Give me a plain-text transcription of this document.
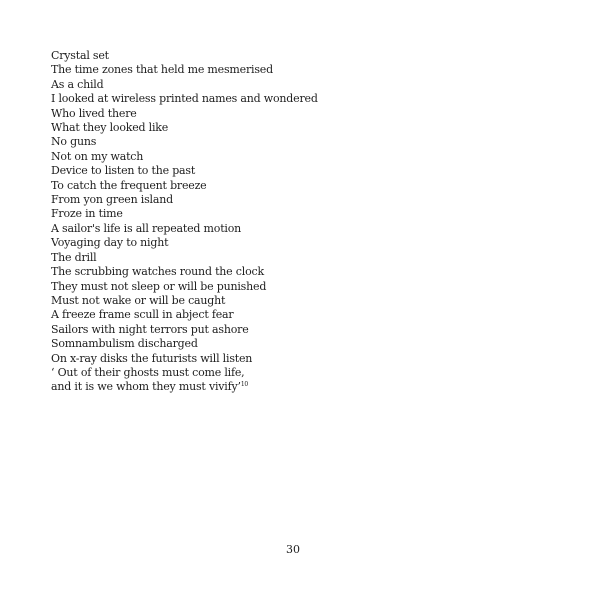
Crystal set
The time zones that held me mesmerised
As a child
I looked at wireless printed names and wondered
Who lived there
What they looked like
No guns
Not on my watch
Device to listen to the past
To catch the frequent breeze
From yon green island
Froze in time
A sailor's life is all repeated motion
Voyaging day to night
The drill
The scrubbing watches round the clock
They must not sleep or will be punished
Must not wake or will be caught
A freeze frame scull in abject fear
Sailors with night terrors put ashore
Somnambulism discharged
On x-ray disks the futurists will listen
‘ Out of their ghosts must come life,
and it is we whom they must vivify’$^{10}$
30
